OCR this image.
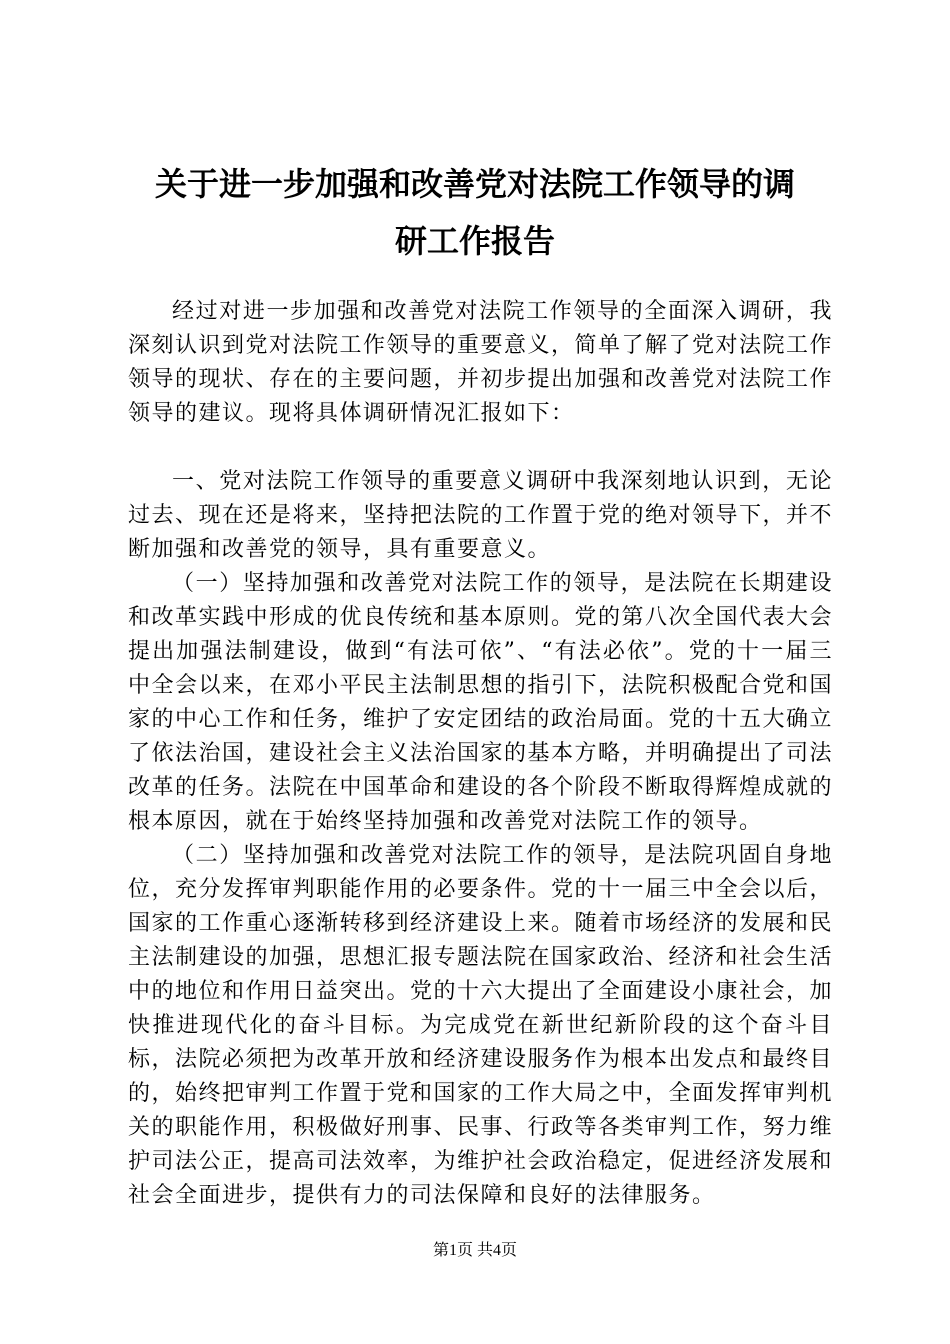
关于进一步加强和改善党对法院工作领导的调
研工作报告

经过对进一步加强和改善党对法院工作领导的全面深入调研，我深刻认识到党对法院工作领导的重要意义，简单了解了党对法院工作领导的现状、存在的主要问题，并初步提出加强和改善党对法院工作领导的建议。现将具体调研情况汇报如下：

一、党对法院工作领导的重要意义调研中我深刻地认识到，无论过去、现在还是将来，坚持把法院的工作置于党的绝对领导下，并不断加强和改善党的领导，具有重要意义。

（一）坚持加强和改善党对法院工作的领导，是法院在长期建设和改革实践中形成的优良传统和基本原则。党的第八次全国代表大会提出加强法制建设，做到“有法可依”、“有法必依”。党的十一届三中全会以来，在邓小平民主法制思想的指引下，法院积极配合党和国家的中心工作和任务，维护了安定团结的政治局面。党的十五大确立了依法治国，建设社会主义法治国家的基本方略，并明确提出了司法改革的任务。法院在中国革命和建设的各个阶段不断取得辉煌成就的根本原因，就在于始终坚持加强和改善党对法院工作的领导。

（二）坚持加强和改善党对法院工作的领导，是法院巩固自身地位，充分发挥审判职能作用的必要条件。党的十一届三中全会以后，国家的工作重心逐渐转移到经济建设上来。随着市场经济的发展和民主法制建设的加强，思想汇报专题法院在国家政治、经济和社会生活中的地位和作用日益突出。党的十六大提出了全面建设小康社会，加快推进现代化的奋斗目标。为完成党在新世纪新阶段的这个奋斗目标，法院必须把为改革开放和经济建设服务作为根本出发点和最终目的，始终把审判工作置于党和国家的工作大局之中，全面发挥审判机关的职能作用，积极做好刑事、民事、行政等各类审判工作，努力维护司法公正，提高司法效率，为维护社会政治稳定，促进经济发展和社会全面进步，提供有力的司法保障和良好的法律服务。

第1页 共4页
